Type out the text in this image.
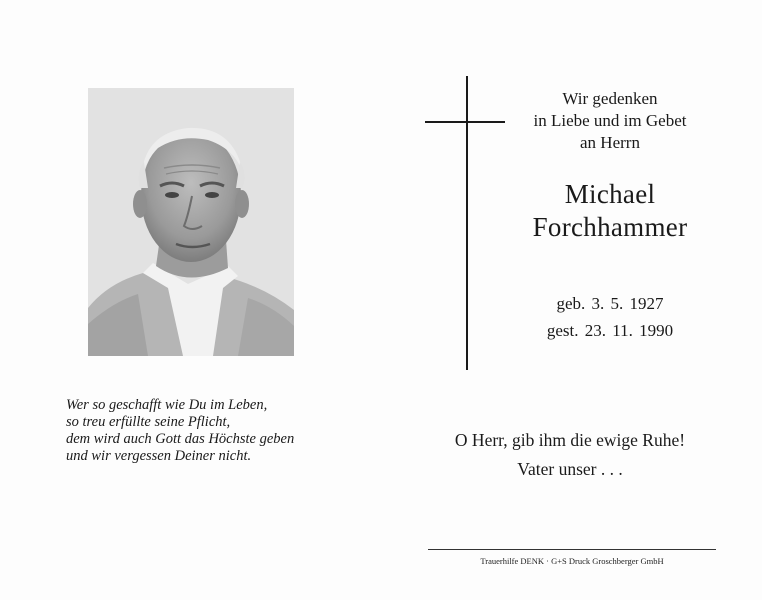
Wer so geschafft wie Du im Leben,
so treu erfüllte seine Pflicht,
dem wird auch Gott das Höchste geben
und wir vergessen Deiner nicht.
Wir gedenken
in Liebe und im Gebet
an Herrn
Michael
Forchhammer
geb. 3. 5. 1927
gest. 23. 11. 1990
O Herr, gib ihm die ewige Ruhe!
Vater unser . . .
Trauerhilfe DENK · G+S Druck Groschberger GmbH
